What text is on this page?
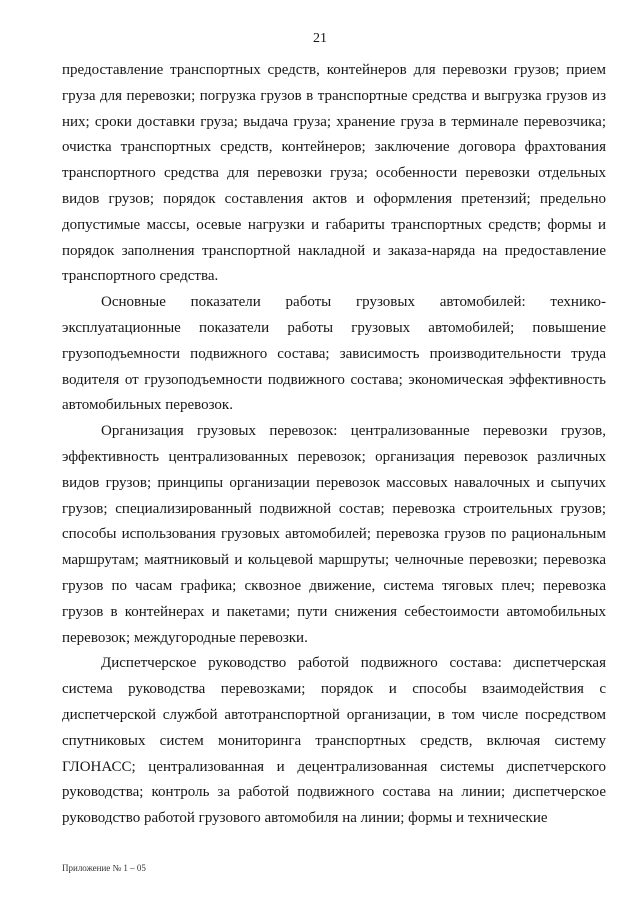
21

предоставление транспортных средств, контейнеров для перевозки грузов; прием груза для перевозки; погрузка грузов в транспортные средства и выгрузка грузов из них; сроки доставки груза; выдача груза; хранение груза в терминале перевозчика; очистка транспортных средств, контейнеров; заключение договора фрахтования транспортного средства для перевозки груза; особенности перевозки отдельных видов грузов; порядок составления актов и оформления претензий; предельно допустимые массы, осевые нагрузки и габариты транспортных средств; формы и порядок заполнения транспортной накладной и заказа-наряда на предоставление транспортного средства.

Основные показатели работы грузовых автомобилей: технико-эксплуатационные показатели работы грузовых автомобилей; повышение грузоподъемности подвижного состава; зависимость производительности труда водителя от грузоподъемности подвижного состава; экономическая эффективность автомобильных перевозок.

Организация грузовых перевозок: централизованные перевозки грузов, эффективность централизованных перевозок; организация перевозок различных видов грузов; принципы организации перевозок массовых навалочных и сыпучих грузов; специализированный подвижной состав; перевозка строительных грузов; способы использования грузовых автомобилей; перевозка грузов по рациональным маршрутам; маятниковый и кольцевой маршруты; челночные перевозки; перевозка грузов по часам графика; сквозное движение, система тяговых плеч; перевозка грузов в контейнерах и пакетами; пути снижения себестоимости автомобильных перевозок; междугородные перевозки.

Диспетчерское руководство работой подвижного состава: диспетчерская система руководства перевозками; порядок и способы взаимодействия с диспетчерской службой автотранспортной организации, в том числе посредством спутниковых систем мониторинга транспортных средств, включая систему ГЛОНАСС; централизованная и децентрализованная системы диспетчерского руководства; контроль за работой подвижного состава на линии; диспетчерское руководство работой грузового автомобиля на линии; формы и технические

Приложение № 1 – 05
